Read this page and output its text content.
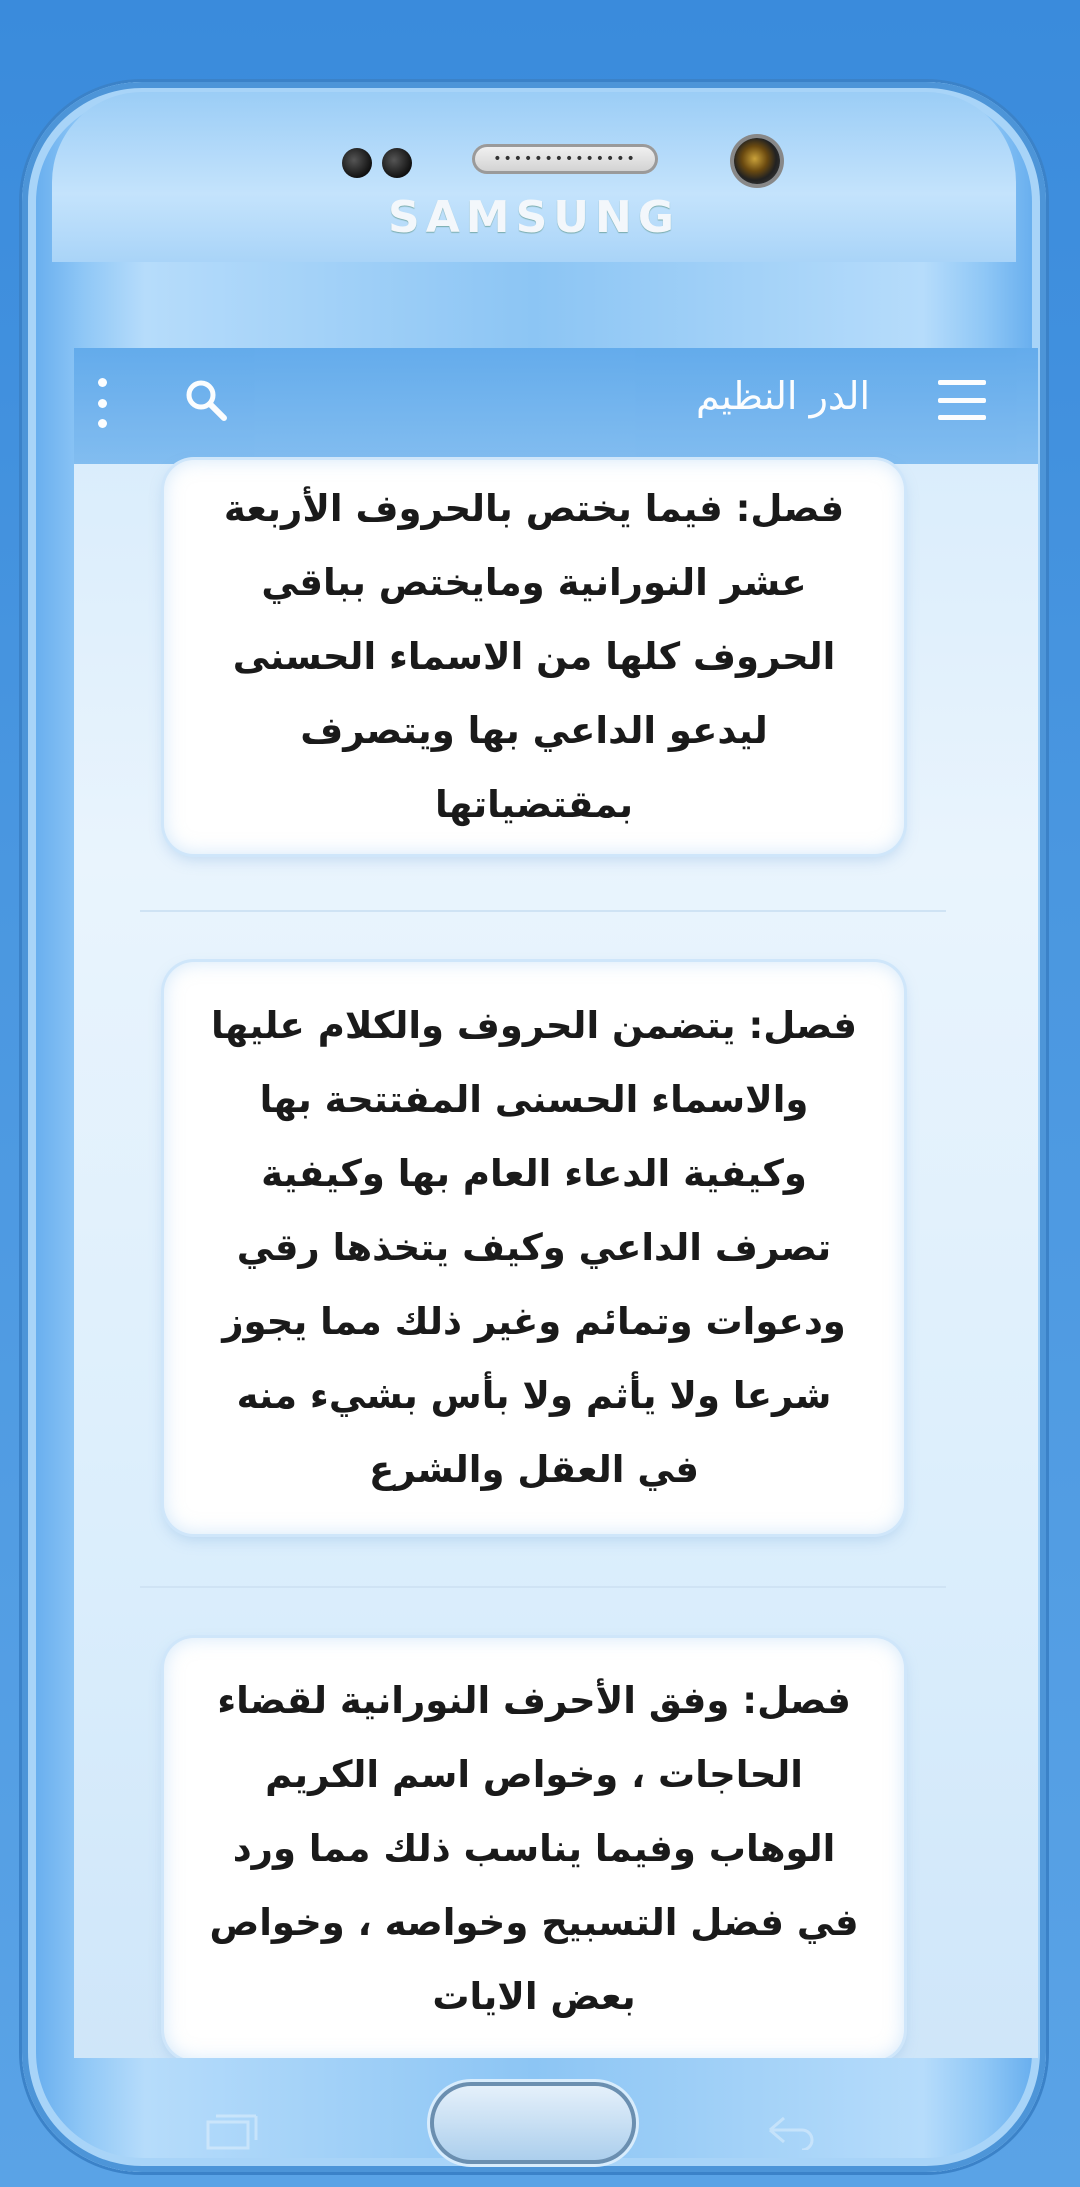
••••••••••••••
SAMSUNG
الدر النظيم

فصل: فيما يختص بالحروف الأربعة عشر النورانية ومايختص بباقي الحروف كلها من الاسماء الحسنى ليدعو الداعي بها ويتصرف بمقتضياتها

فصل: يتضمن الحروف والكلام عليها والاسماء الحسنى المفتتحة بها وكيفية الدعاء العام بها وكيفية تصرف الداعي وكيف يتخذها رقي ودعوات وتمائم وغير ذلك مما يجوز شرعا ولا يأثم ولا بأس بشيء منه في العقل والشرع

فصل: وفق الأحرف النورانية لقضاء الحاجات ، وخواص اسم الكريم الوهاب وفيما يناسب ذلك مما ورد في فضل التسبيح وخواصه ، وخواص بعض الايات
